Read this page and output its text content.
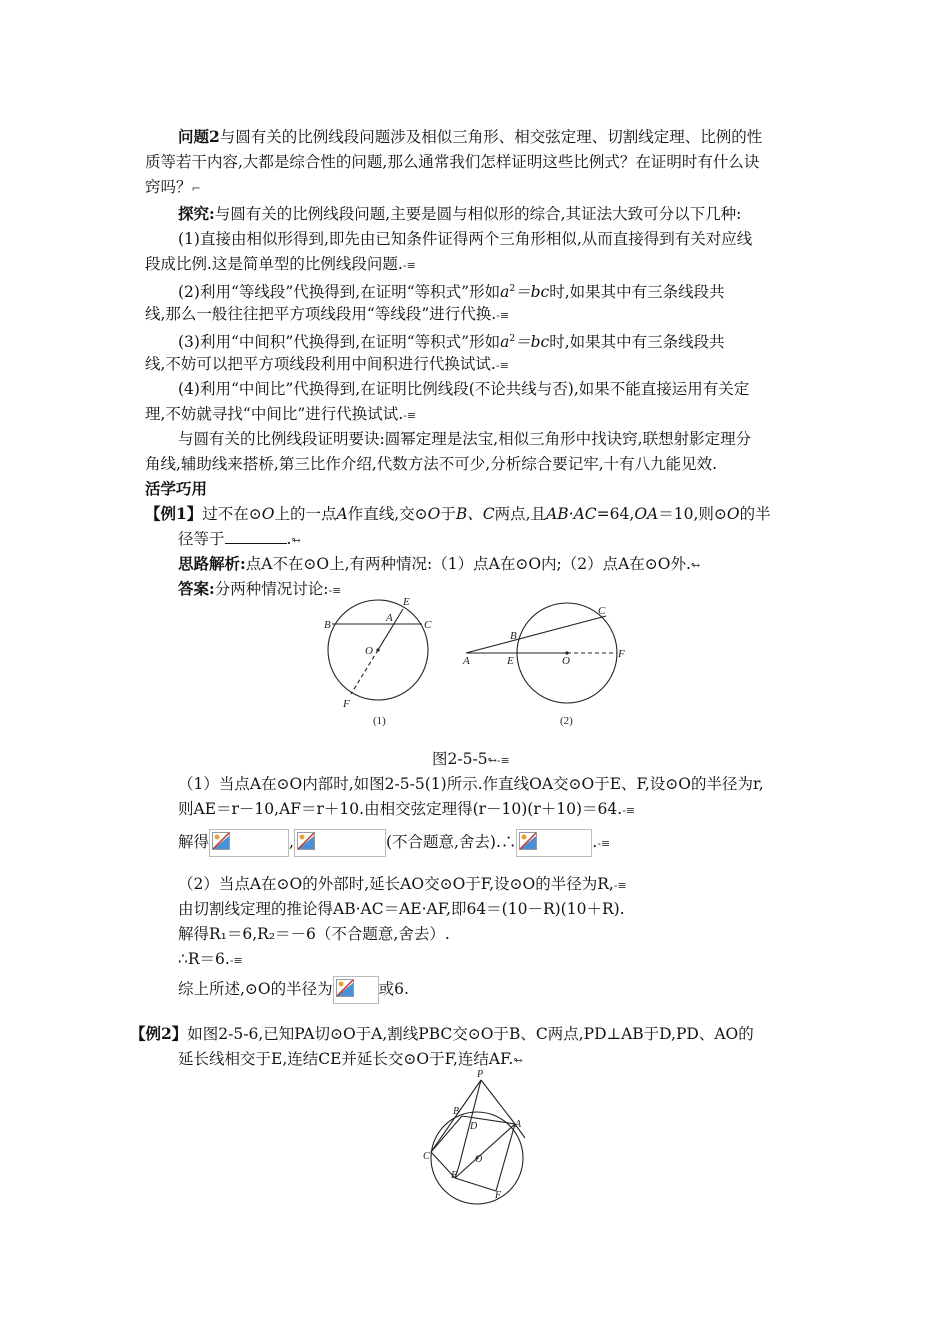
问题2与圆有关的比例线段问题涉及相似三角形、相交弦定理、切割线定理、比例的性
质等若干内容,大都是综合性的问题,那么通常我们怎样证明这些比例式？在证明时有什么诀
窍吗？⌐
探究:与圆有关的比例线段问题,主要是圆与相似形的综合,其证法大致可分以下几种:
(1)直接由相似形得到,即先由已知条件证得两个三角形相似,从而直接得到有关对应线
段成比例.这是简单型的比例线段问题.-≡
(2)利用“等线段”代换得到,在证明“等积式”形如$a^2=bc$时,如果其中有三条线段共
线,那么一般往往把平方项线段用“等线段”进行代换.-≡
(3)利用“中间积”代换得到,在证明“等积式”形如$a^2=bc$时,如果其中有三条线段共
线,不妨可以把平方项线段利用中间积进行代换试试.-≡
(4)利用“中间比”代换得到,在证明比例线段(不论共线与否),如果不能直接运用有关定
理,不妨就寻找“中间比”进行代换试试.-≡
与圆有关的比例线段证明要诀:圆幂定理是法宝,相似三角形中找诀窍,联想射影定理分
角线,辅助线来搭桥,第三比作介绍,代数方法不可少,分析综合要记牢,十有八九能见效.
活学巧用
【例1】过不在⊙O上的一点A作直线,交⊙O于B、C两点,且AB·AC=64,OA＝10,则⊙O的半
径等于	.↬
思路解析:点A不在⊙O上,有两种情况:（1）点A在⊙O内;（2）点A在⊙O外.↬
答案:分两种情况讨论:-≡
E
A
B	C
O
F
(1)
A	E
B
C
O
F
(2)
图2-5-5↬-≡
（1）当点A在⊙O内部时,如图2-5-5(1)所示.作直线OA交⊙O于E、F,设⊙O的半径为r,
则AE＝r－10,AF＝r＋10.由相交弦定理得(r－10)(r＋10)＝64.-≡
解得	,	(不合题意,舍去).∴	.-≡
（2）当点A在⊙O的外部时,延长AO交⊙O于F,设⊙O的半径为R,-≡
由切割线定理的推论得AB·AC＝AE·AF,即64＝(10－R)(10＋R).
解得R₁＝6,R₂＝－6（不合题意,舍去）.
∴R＝6.-≡
综上所述,⊙O的半径为	或6.
【例2】如图2-5-6,已知PA切⊙O于A,割线PBC交⊙O于B、C两点,PD⊥AB于D,PD、AO的
延长线相交于E,连结CE并延长交⊙O于F,连结AF.↬
P
B
D	A
C	O
E
F
